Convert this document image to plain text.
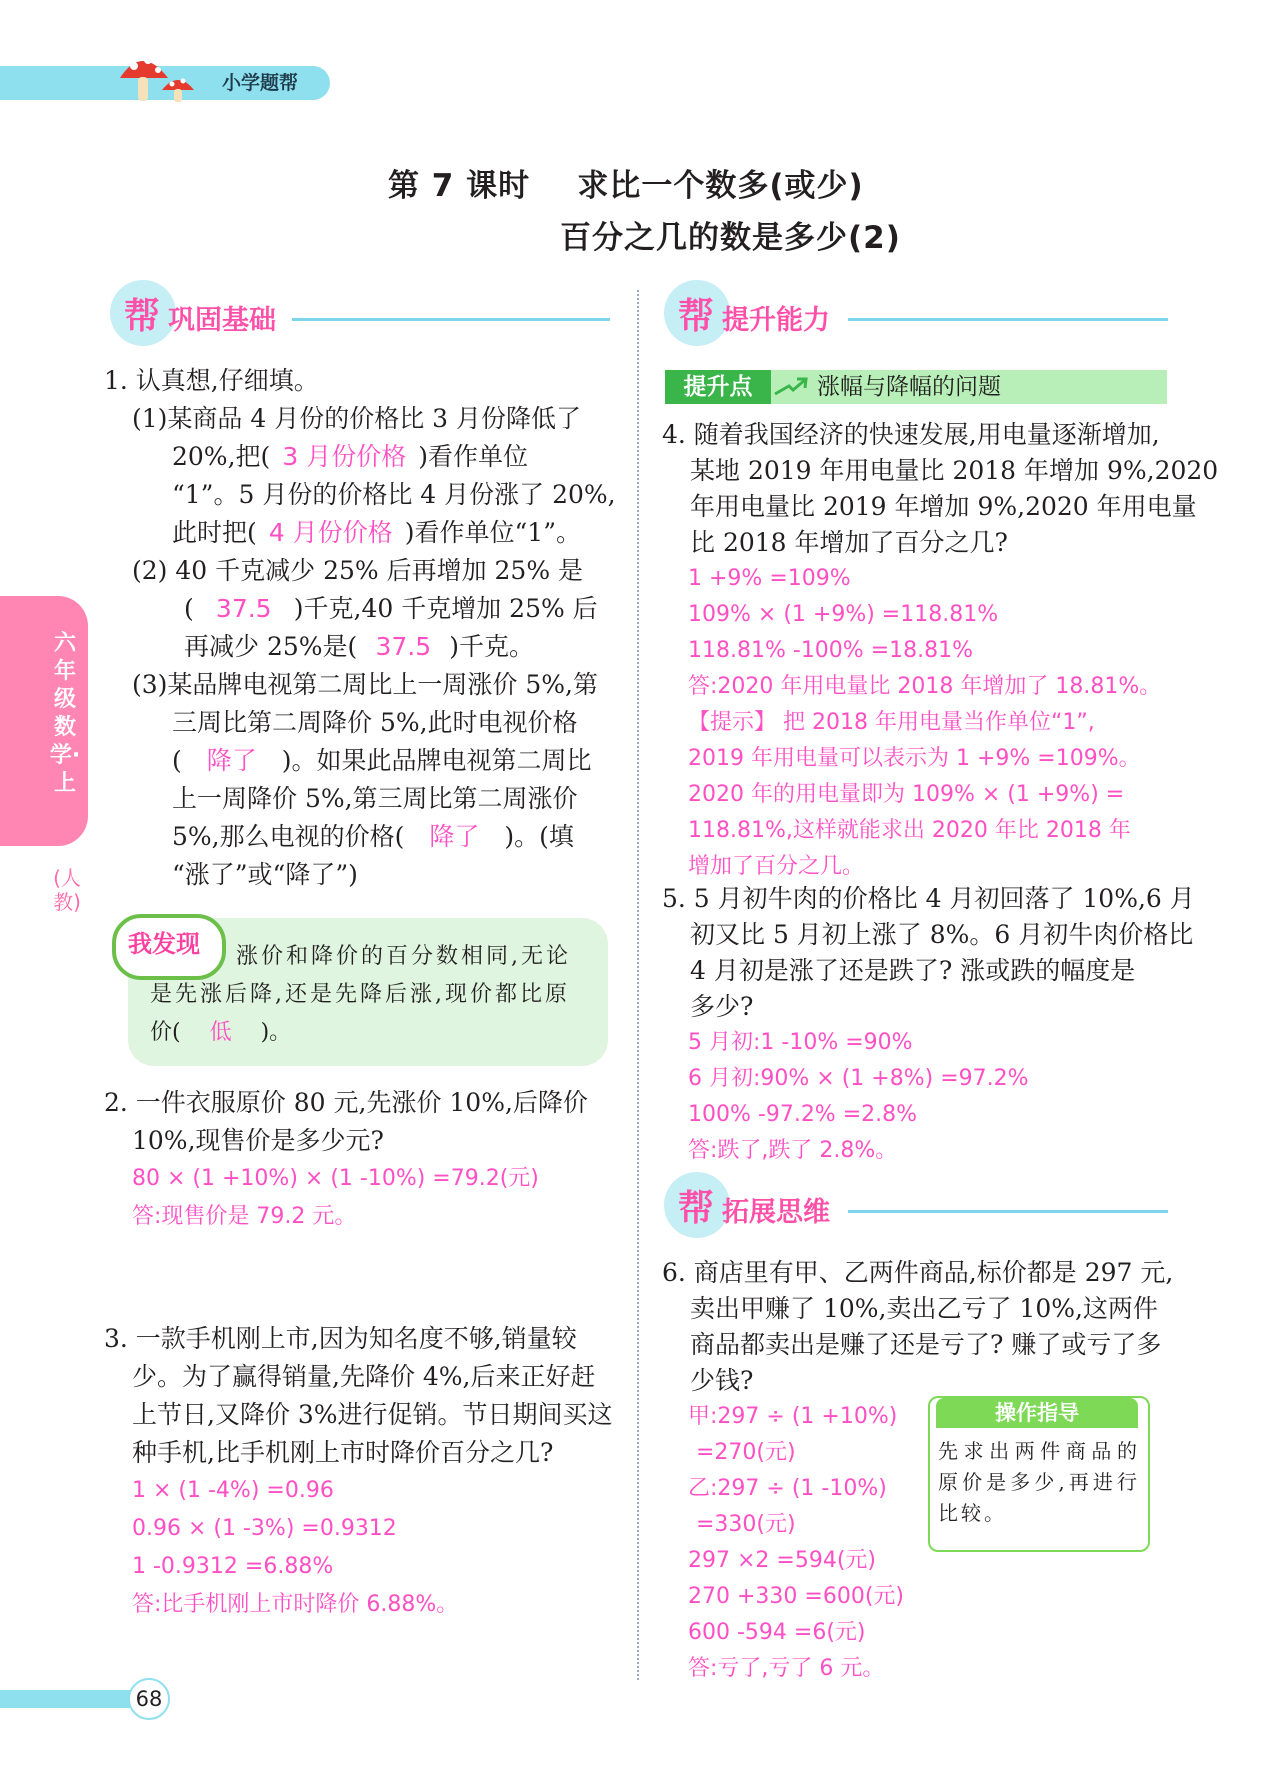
小学题帮
第 7 课时    求比一个数多(或少)
百分之几的数是多少(2)
帮 巩固基础	帮 提升能力
六年级数学·上
(人教)
1. 认真想,仔细填。
(1)某商品 4 月份的价格比 3 月份降低了
20%,把( 3 月份价格 )看作单位
“1”。5 月份的价格比 4 月份涨了 20%,
此时把( 4 月份价格 )看作单位“1”。
(2) 40 千克减少 25% 后再增加 25% 是
( 37.5 )千克,40 千克增加 25% 后
再减少 25%是( 37.5 )千克。
(3)某品牌电视第二周比上一周涨价 5%,第
三周比第二周降价 5%,此时电视价格
( 降了 )。如果此品牌电视第二周比
上一周降价 5%,第三周比第二周涨价
5%,那么电视的价格( 降了 )。(填
“涨了”或“降了”)
我发现 涨价和降价的百分数相同,无论
是先涨后降,还是先降后涨,现价都比原
价( 低 )。
2. 一件衣服原价 80 元,先涨价 10%,后降价
10%,现售价是多少元?
80 × (1 +10%) × (1 -10%) =79.2(元)
答:现售价是 79.2 元。
3. 一款手机刚上市,因为知名度不够,销量较
少。为了赢得销量,先降价 4%,后来正好赶
上节日,又降价 3%进行促销。节日期间买这
种手机,比手机刚上市时降价百分之几?
1 × (1 -4%) =0.96
0.96 × (1 -3%) =0.9312
1 -0.9312 =6.88%
答:比手机刚上市时降价 6.88%。
提升点	涨幅与降幅的问题
4. 随着我国经济的快速发展,用电量逐渐增加,
某地 2019 年用电量比 2018 年增加 9%,2020
年用电量比 2019 年增加 9%,2020 年用电量
比 2018 年增加了百分之几?
1 +9% =109%
109% × (1 +9%) =118.81%
118.81% -100% =18.81%
答:2020 年用电量比 2018 年增加了 18.81%。
【提示】 把 2018 年用电量当作单位“1”,
2019 年用电量可以表示为 1 +9% =109%。
2020 年的用电量即为 109% × (1 +9%) =
118.81%,这样就能求出 2020 年比 2018 年
增加了百分之几。
5. 5 月初牛肉的价格比 4 月初回落了 10%,6 月
初又比 5 月初上涨了 8%。6 月初牛肉价格比
4 月初是涨了还是跌了? 涨或跌的幅度是
多少?
5 月初:1 -10% =90%
6 月初:90% × (1 +8%) =97.2%
100% -97.2% =2.8%
答:跌了,跌了 2.8%。
帮 拓展思维
6. 商店里有甲、乙两件商品,标价都是 297 元,
卖出甲赚了 10%,卖出乙亏了 10%,这两件
商品都卖出是赚了还是亏了? 赚了或亏了多
少钱?
甲:297 ÷ (1 +10%)
=270(元)
乙:297 ÷ (1 -10%)
=330(元)
297 ×2 =594(元)
270 +330 =600(元)
600 -594 =6(元)
答:亏了,亏了 6 元。
操作指导
先求出两件商品的原价是多少,再进行比较。
68
